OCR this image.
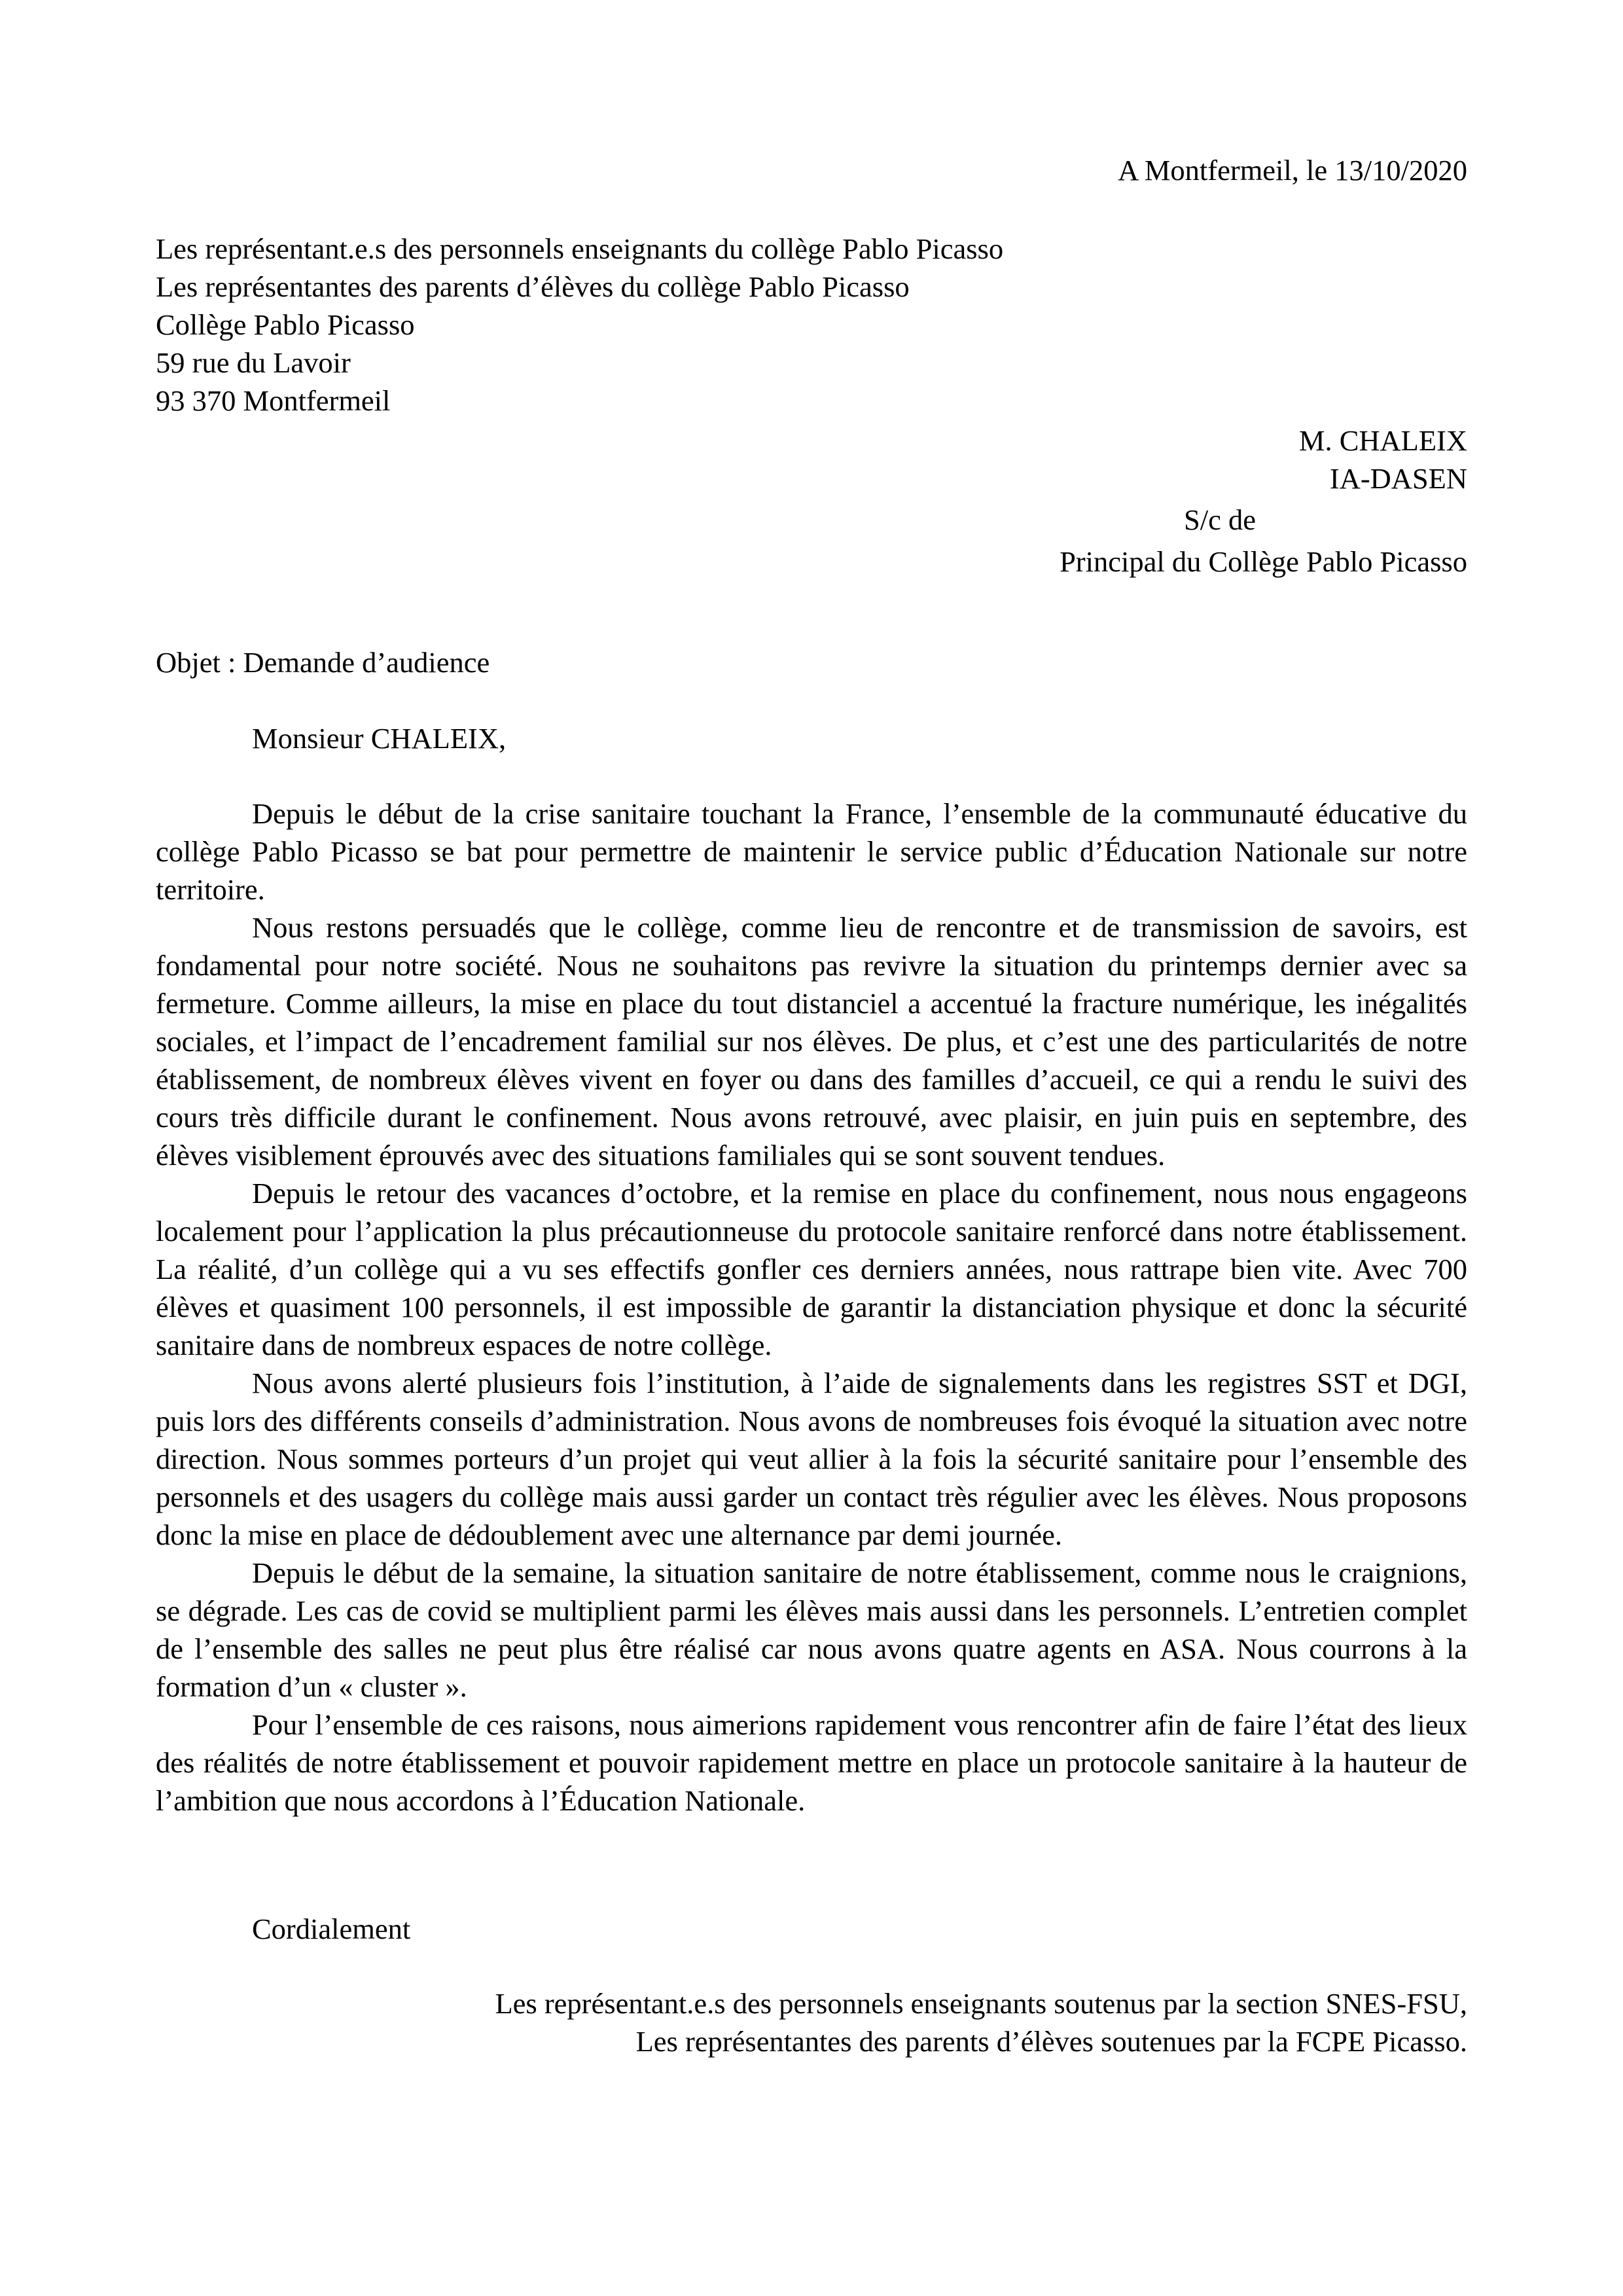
A Montfermeil, le 13/10/2020
Les représentant.e.s des personnels enseignants du collège Pablo Picasso
Les représentantes des parents d’élèves du collège Pablo Picasso
Collège Pablo Picasso
59 rue du Lavoir
93 370 Montfermeil
M. CHALEIX
IA-DASEN
S/c de
Principal du Collège Pablo Picasso
Objet : Demande d’audience
Monsieur CHALEIX,

Depuis le début de la crise sanitaire touchant la France, l’ensemble de la communauté éducative du collège Pablo Picasso se bat pour permettre de maintenir le service public d’Éducation Nationale sur notre territoire.

Nous restons persuadés que le collège, comme lieu de rencontre et de transmission de savoirs, est fondamental pour notre société. Nous ne souhaitons pas revivre la situation du printemps dernier avec sa fermeture. Comme ailleurs, la mise en place du tout distanciel a accentué la fracture numérique, les inégalités sociales, et l’impact de l’encadrement familial sur nos élèves. De plus, et c’est une des particularités de notre établissement, de nombreux élèves vivent en foyer ou dans des familles d’accueil, ce qui a rendu le suivi des cours très difficile durant le confinement. Nous avons retrouvé, avec plaisir, en juin puis en septembre, des élèves visiblement éprouvés avec des situations familiales qui se sont souvent tendues.

Depuis le retour des vacances d’octobre, et la remise en place du confinement, nous nous engageons localement pour l’application la plus précautionneuse du protocole sanitaire renforcé dans notre établissement. La réalité, d’un collège qui a vu ses effectifs gonfler ces derniers années, nous rattrape bien vite. Avec 700 élèves et quasiment 100 personnels, il est impossible de garantir la distanciation physique et donc la sécurité sanitaire dans de nombreux espaces de notre collège.

Nous avons alerté plusieurs fois l’institution, à l’aide de signalements dans les registres SST et DGI, puis lors des différents conseils d’administration. Nous avons de nombreuses fois évoqué la situation avec notre direction. Nous sommes porteurs d’un projet qui veut allier à la fois la sécurité sanitaire pour l’ensemble des personnels et des usagers du collège mais aussi garder un contact très régulier avec les élèves. Nous proposons donc la mise en place de dédoublement avec une alternance par demi journée.

Depuis le début de la semaine, la situation sanitaire de notre établissement, comme nous le craignions, se dégrade. Les cas de covid se multiplient parmi les élèves mais aussi dans les personnels. L’entretien complet de l’ensemble des salles ne peut plus être réalisé car nous avons quatre agents en ASA. Nous courrons à la formation d’un « cluster ».

Pour l’ensemble de ces raisons, nous aimerions rapidement vous rencontrer afin de faire l’état des lieux des réalités de notre établissement et pouvoir rapidement mettre en place un protocole sanitaire à la hauteur de l’ambition que nous accordons à l’Éducation Nationale.

Cordialement
Les représentant.e.s des personnels enseignants soutenus par la section SNES-FSU,
Les représentantes des parents d’élèves soutenues par la FCPE Picasso.
